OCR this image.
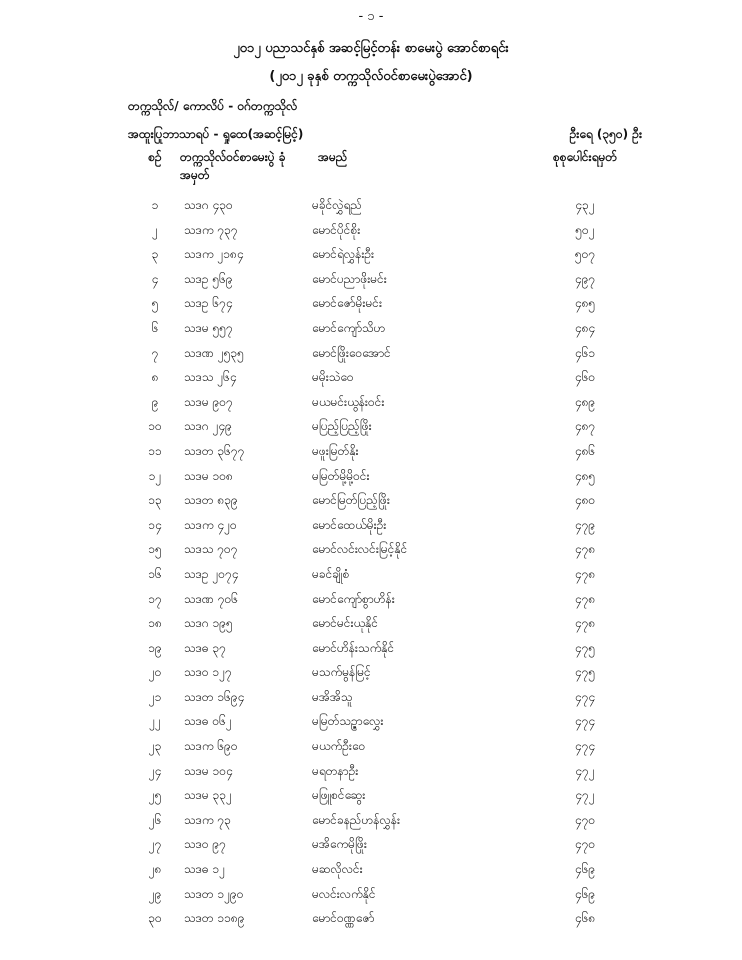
- ၁ -
၂၀၁၂ ပညာသင်နှစ် အဆင့်မြင့်တန်း စာမေးပွဲ အောင်စာရင်း
(၂၀၁၂ ခုနှစ် တက္ကသိုလ်ဝင်စာမေးပွဲအောင်)
တက္ကသိုလ်/ ကောလိပ် - ဝဂ်တက္ကသိုလ်
အထူးပြုဘာသာရပ် - ရှုထေ(အဆင့်မြင့်)	ဦးရေ (၃၅၀) ဦး
စဉ်	တက္ကသိုလ်ဝင်စာမေးပွဲ ခုံအမှတ်
အမည်	စုစုပေါင်းရမှတ်
၁	သဒဂ ၄၃၀	မခိုင်လွှဲရည်	၄၃၂
၂	သဒက ၇၃၇	မောင်ပိုင်စိုး	၅၀၂
၃	သဒက ၂၁၈၄	မောင်ရဲလွှန်းဦး	၅၀၇
၄	သဒဥ ၅၆၉	မောင်ပညာဖိုးမင်း	၄၉၇
၅	သဒဥ ၆၇၄	မောင်ဇော်မိုးမင်း	၄၈၅
၆	သဒမ ၅၅၇	မောင်ကျော်သိဟ	၄၈၄
၇	သဒဏ ၂၅၃၅	မောင်ဖြိုးဝေအောင်	၄၆၁
၈	သဒသ ၂၆၄	မမိုးသဲဝေ	၄၆၀
၉	သဒမ ၉၀၇	မယမင်းယွန်းဝင်း	၄၈၉
၁၀	သဒဂ ၂၄၉	မပြည့်ပြည့်ဖြိုး	၄၈၇
၁၁	သဒတ ၃၆၇၇	မဖူးမြတ်နိုး	၄၈၆
၁၂	သဒမ ၁၀၈	မမြတ်မို့မို့ဝင်း	၄၈၅
၁၃	သဒတ ၈၃၉	မောင်မြတ်ပြည့်ဖြိုး	၄၈၀
၁၄	သဒက ၄၂၀	မောင်ထေယ်မိုးဦး	၄၇၉
၁၅	သဒသ ၇၀၇	မောင်လင်းလင်းမြင့်နိုင်	၄၇၈
၁၆	သဒဥ ၂၀၇၄	မခင်ချိုစံ	၄၇၈
၁၇	သဒဏ ၇၀၆	မောင်ကျော်စွာဟိန်း	၄၇၈
၁၈	သဒဂ ၁၉၅	မောင်မင်းယုနိုင်	၄၇၈
၁၉	သဒဓ ၃၇	မောင်ဟိန်းသက်နိုင်	၄၇၅
၂၀	သဒဝ ၁၂၇	မသက်မွန်မြင့်	၄၇၅
၂၁	သဒတ ၁၆၉၄	မအိအိသူ	၄၇၄
၂၂	သဒဓ ၀၆၂	မမြတ်သဉ္ဇာလွှေး	၄၇၄
၂၃	သဒက ၆၉၀	မယက်ဦးဝေ	၄၇၄
၂၄	သဒမ ၁၀၄	မရတနာဦး	၄၇၂
၂၅	သဒမ ၃၃၂	မဖြူစင်ဆွေး	၄၇၂
၂၆	သဒက ၇၃	မောင်ခနည်ဟန်လွှန်း	၄၇၀
၂၇	သဒဝ ၉၇	မအိကေမိုဖြိုး	၄၇၀
၂၈	သဒဓ ၁၂	မဆလိုလင်း	၄၆၉
၂၉	သဒတ ၁၂၉၀	မလင်းလက်နိုင်	၄၆၉
၃၀	သဒတ ၁၁၈၉	မောင်ဝဏ္ဏဇော်	၄၆၈
